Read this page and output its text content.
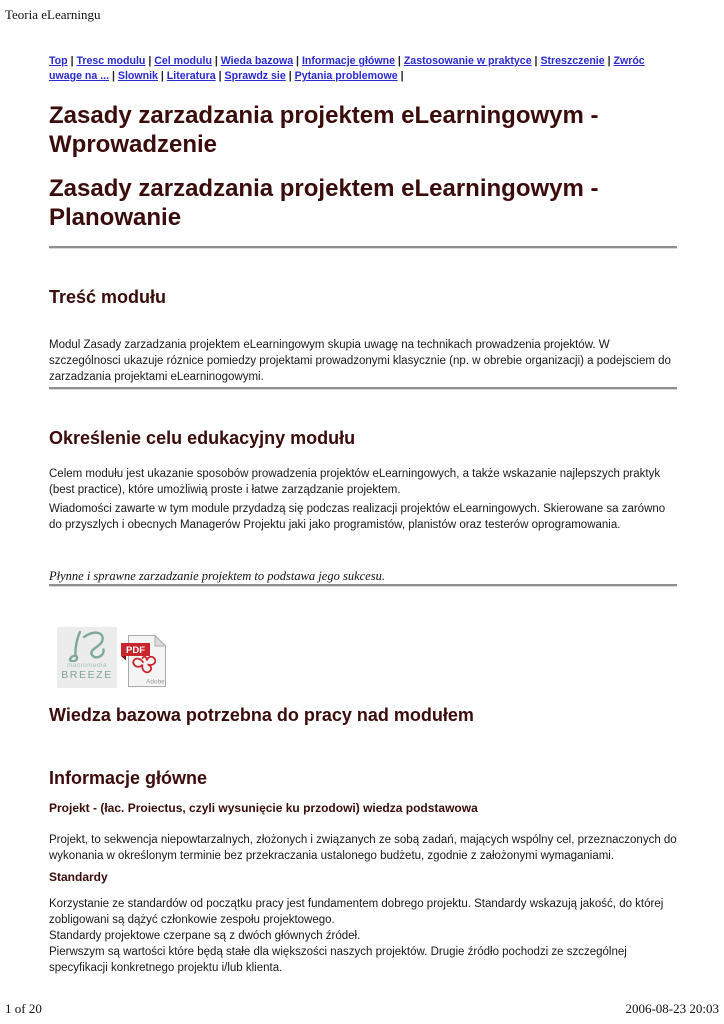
Teoria eLearningu
Top | Tresc modulu | Cel modulu | Wieda bazowa | Informacje główne | Zastosowanie w praktyce | Streszczenie | Zwróc uwage na ... | Slownik | Literatura | Sprawdz sie | Pytania problemowe |
Zasady zarzadzania projektem eLearningowym - Wprowadzenie
Zasady zarzadzania projektem eLearningowym - Planowanie
Treść modułu

Modul Zasady zarzadzania projektem eLearningowym skupia uwagę na technikach prowadzenia projektów. W szczególnosci ukazuje róznice pomiedzy projektami prowadzonymi klasycznie (np. w obrebie organizacji) a podejsciem do zarzadzania projektami eLearninogowymi.

Określenie celu edukacyjny modułu

Celem modułu jest ukazanie sposobów prowadzenia projektów eLearningowych, a także wskazanie najlepszych praktyk (best practice), które umożliwią proste i łatwe zarządzanie projektem.

Wiadomości zawarte w tym module przydadzą się podczas realizacji projektów eLearningowych. Skierowane sa zarówno do przyszlych i obecnych Managerów Projektu jaki jako programistów, planistów oraz testerów oprogramowania.

Płynne i sprawne zarzadzanie projektem to podstawa jego sukcesu.

macromedia
BREEZE
PDF
Adobe
Wiedza bazowa potrzebna do pracy nad modułem
Informacje główne
Projekt - (łac. Proiectus, czyli wysunięcie ku przodowi) wiedza podstawowa

Projekt, to sekwencja niepowtarzalnych, złożonych i związanych ze sobą zadań, mających wspólny cel, przeznaczonych do wykonania w określonym terminie bez przekraczania ustalonego budżetu, zgodnie z założonymi wymaganiami.

Standardy
Korzystanie ze standardów od początku pracy jest fundamentem dobrego projektu. Standardy wskazują jakość, do której zobligowani są dążyć członkowie zespołu projektowego.
Standardy projektowe czerpane są z dwóch głównych źródeł.
Pierwszym są wartości które będą stałe dla większości naszych projektów. Drugie źródło pochodzi ze szczególnej specyfikacji konkretnego projektu i/lub klienta.
1 of 20	2006-08-23 20:03
